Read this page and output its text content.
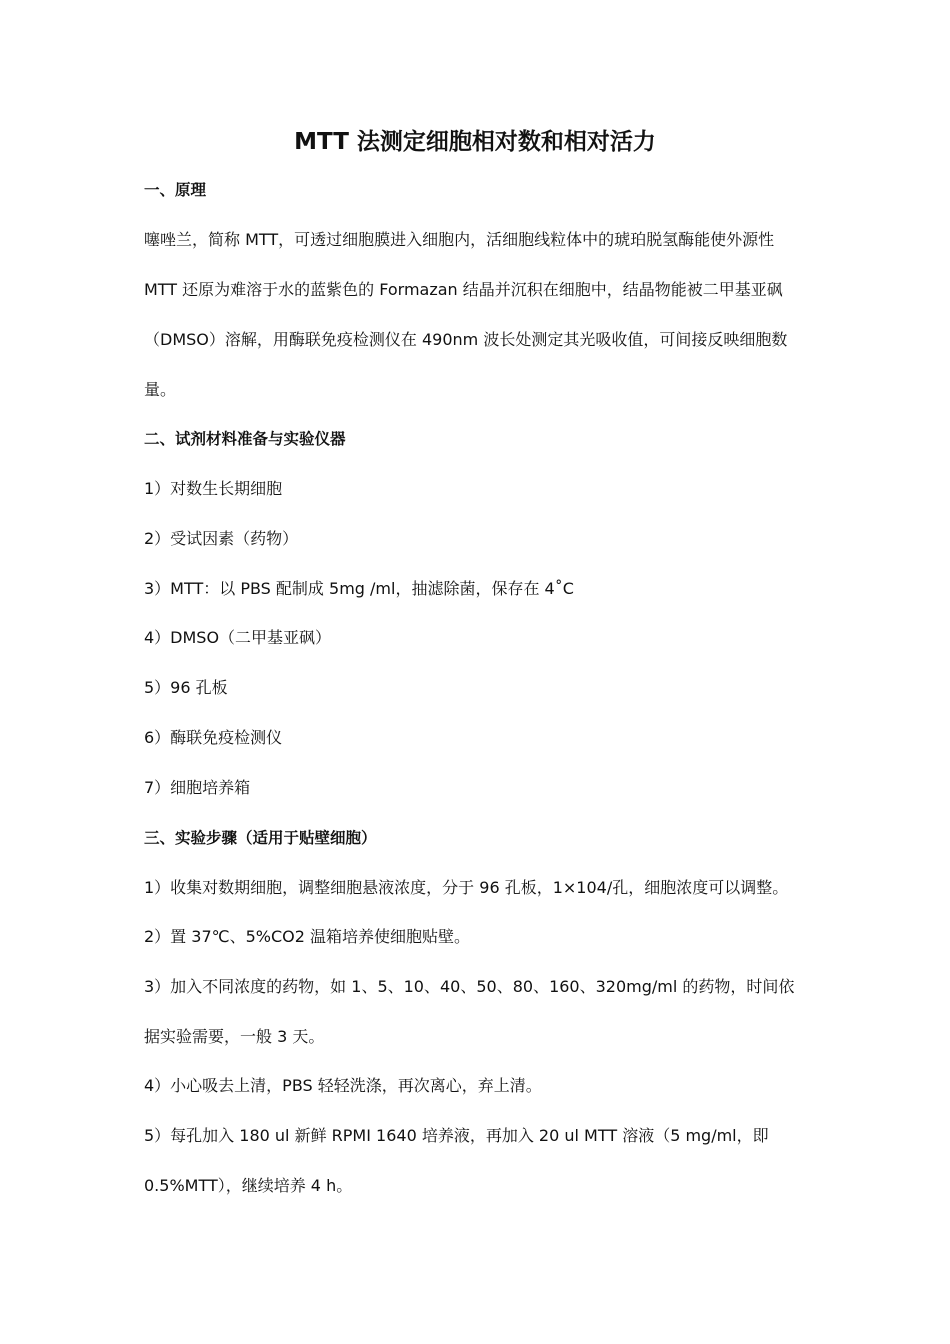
MTT 法测定细胞相对数和相对活力

一、原理

噻唑兰，简称 MTT，可透过细胞膜进入细胞内，活细胞线粒体中的琥珀脱氢酶能使外源性

MTT 还原为难溶于水的蓝紫色的 Formazan 结晶并沉积在细胞中，结晶物能被二甲基亚砜

（DMSO）溶解，用酶联免疫检测仪在 490nm 波长处测定其光吸收值，可间接反映细胞数

量。

二、试剂材料准备与实验仪器

1）对数生长期细胞

2）受试因素（药物）

3）MTT：以 PBS 配制成 5mg /ml，抽滤除菌，保存在 4˚C

4）DMSO（二甲基亚砜）

5）96 孔板

6）酶联免疫检测仪

7）细胞培养箱

三、实验步骤（适用于贴壁细胞）

1）收集对数期细胞，调整细胞悬液浓度，分于 96 孔板，1×104/孔，细胞浓度可以调整。

2）置 37℃、5%CO2 温箱培养使细胞贴壁。

3）加入不同浓度的药物，如 1、5、10、40、50、80、160、320mg/ml 的药物，时间依

据实验需要，一般 3 天。

4）小心吸去上清，PBS 轻轻洗涤，再次离心，弃上清。

5）每孔加入 180 ul 新鲜 RPMI 1640 培养液，再加入 20 ul MTT 溶液（5 mg/ml，即

0.5%MTT），继续培养 4 h。
